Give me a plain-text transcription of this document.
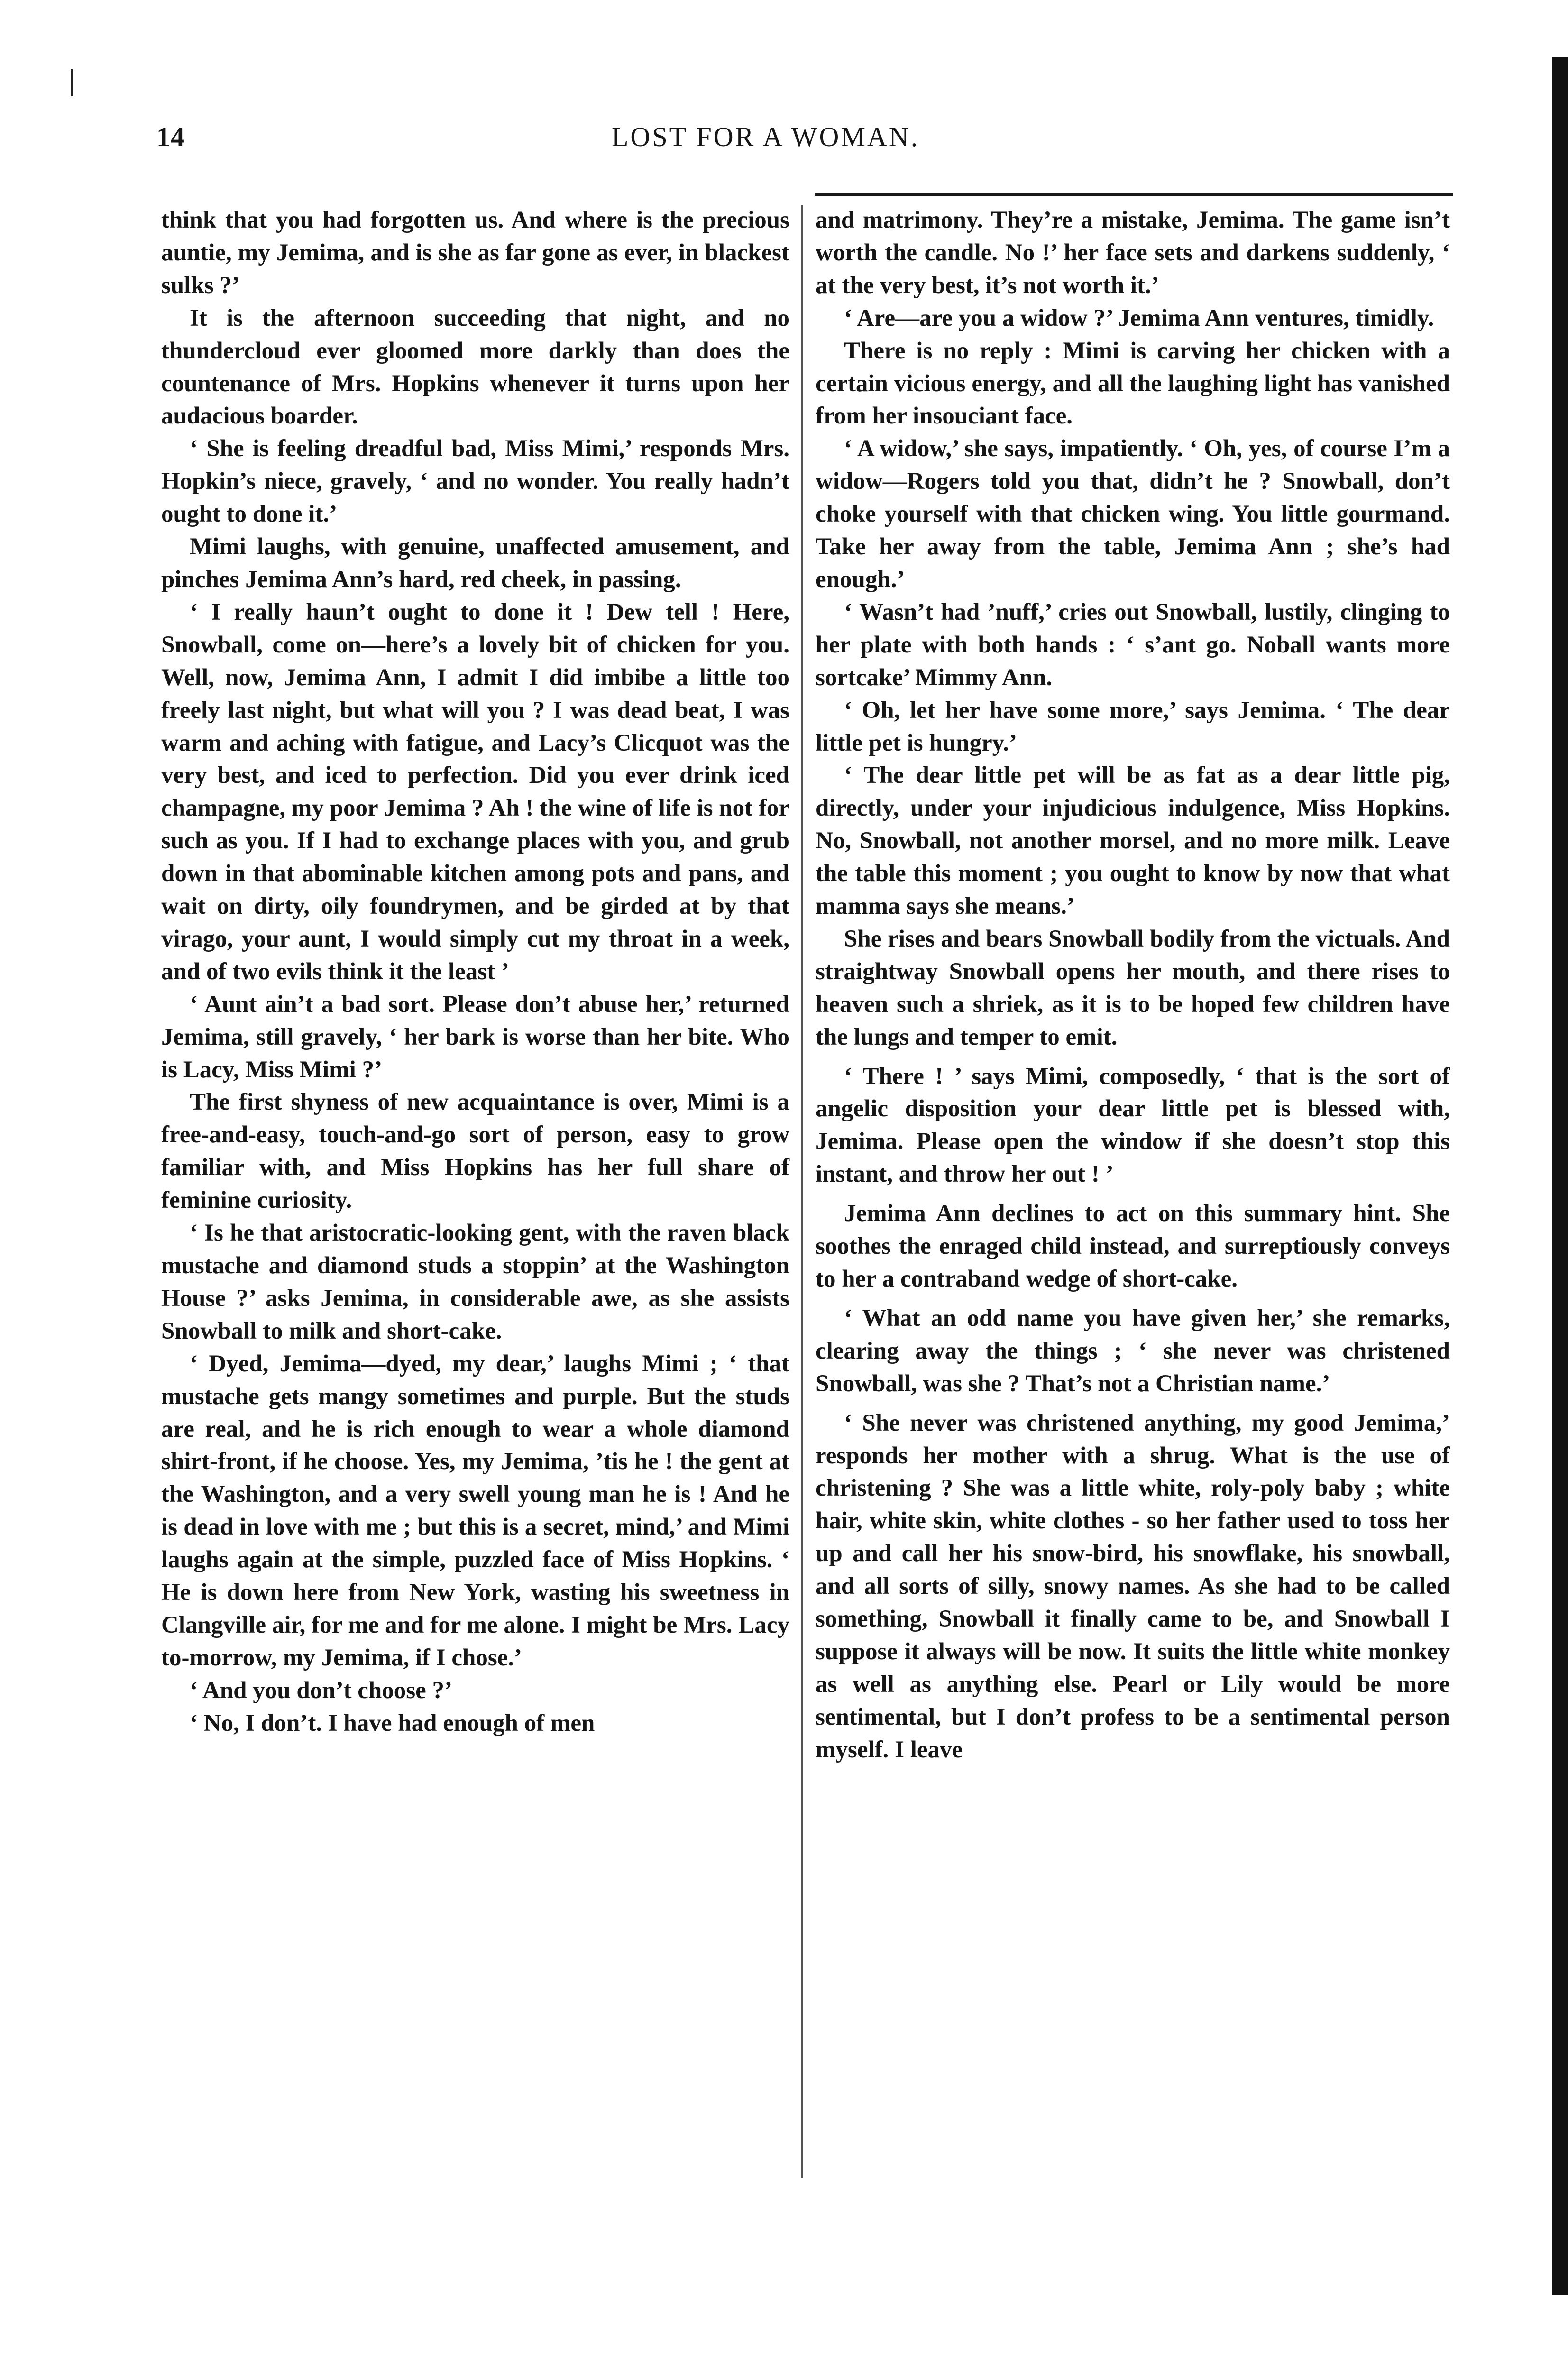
14	LOST FOR A WOMAN.

think that you had forgotten us. And where is the precious auntie, my Jemima, and is she as far gone as ever, in blackest sulks ?’

It is the afternoon succeeding that night, and no thundercloud ever gloomed more darkly than does the countenance of Mrs. Hopkins whenever it turns upon her audacious boarder.

‘ She is feeling dreadful bad, Miss Mimi,’ responds Mrs. Hopkin’s niece, gravely, ‘ and no wonder. You really hadn’t ought to done it.’

Mimi laughs, with genuine, unaffected amusement, and pinches Jemima Ann’s hard, red cheek, in passing.

‘ I really haun’t ought to done it ! Dew tell ! Here, Snowball, come on—here’s a lovely bit of chicken for you. Well, now, Jemima Ann, I admit I did imbibe a little too freely last night, but what will you ? I was dead beat, I was warm and aching with fatigue, and Lacy’s Clicquot was the very best, and iced to perfection. Did you ever drink iced champagne, my poor Jemima ? Ah ! the wine of life is not for such as you. If I had to exchange places with you, and grub down in that abominable kitchen among pots and pans, and wait on dirty, oily foundrymen, and be girded at by that virago, your aunt, I would simply cut my throat in a week, and of two evils think it the least ’

‘ Aunt ain’t a bad sort. Please don’t abuse her,’ returned Jemima, still gravely, ‘ her bark is worse than her bite. Who is Lacy, Miss Mimi ?’

The first shyness of new acquaintance is over, Mimi is a free-and-easy, touch-and-go sort of person, easy to grow familiar with, and Miss Hopkins has her full share of feminine curiosity.

‘ Is he that aristocratic-looking gent, with the raven black mustache and diamond studs a stoppin’ at the Washington House ?’ asks Jemima, in considerable awe, as she assists Snowball to milk and short-cake.

‘ Dyed, Jemima—dyed, my dear,’ laughs Mimi ; ‘ that mustache gets mangy sometimes and purple. But the studs are real, and he is rich enough to wear a whole diamond shirt-front, if he choose. Yes, my Jemima, ’tis he ! the gent at the Washington, and a very swell young man he is ! And he is dead in love with me ; but this is a secret, mind,’ and Mimi laughs again at the simple, puzzled face of Miss Hopkins. ‘ He is down here from New York, wasting his sweetness in Clangville air, for me and for me alone. I might be Mrs. Lacy to-morrow, my Jemima, if I chose.’

‘ And you don’t choose ?’

‘ No, I don’t. I have had enough of men

and matrimony. They’re a mistake, Jemima. The game isn’t worth the candle. No !’ her face sets and darkens suddenly, ‘ at the very best, it’s not worth it.’

‘ Are—are you a widow ?’ Jemima Ann ventures, timidly.

There is no reply : Mimi is carving her chicken with a certain vicious energy, and all the laughing light has vanished from her insouciant face.

‘ A widow,’ she says, impatiently. ‘ Oh, yes, of course I’m a widow—Rogers told you that, didn’t he ? Snowball, don’t choke yourself with that chicken wing. You little gourmand. Take her away from the table, Jemima Ann ; she’s had enough.’

‘ Wasn’t had ’nuff,’ cries out Snowball, lustily, clinging to her plate with both hands : ‘ s’ant go. Noball wants more sortcake’ Mimmy Ann.

‘ Oh, let her have some more,’ says Jemima. ‘ The dear little pet is hungry.’

‘ The dear little pet will be as fat as a dear little pig, directly, under your injudicious indulgence, Miss Hopkins. No, Snowball, not another morsel, and no more milk. Leave the table this moment ; you ought to know by now that what mamma says she means.’

She rises and bears Snowball bodily from the victuals. And straightway Snowball opens her mouth, and there rises to heaven such a shriek, as it is to be hoped few children have the lungs and temper to emit.

‘ There ! ’ says Mimi, composedly, ‘ that is the sort of angelic disposition your dear little pet is blessed with, Jemima. Please open the window if she doesn’t stop this instant, and throw her out ! ’

Jemima Ann declines to act on this summary hint. She soothes the enraged child instead, and surreptiously conveys to her a contraband wedge of short-cake.

‘ What an odd name you have given her,’ she remarks, clearing away the things ; ‘ she never was christened Snowball, was she ? That’s not a Christian name.’

‘ She never was christened anything, my good Jemima,’ responds her mother with a shrug. What is the use of christening ? She was a little white, roly-poly baby ; white hair, white skin, white clothes - so her father used to toss her up and call her his snow-bird, his snowflake, his snowball, and all sorts of silly, snowy names. As she had to be called something, Snowball it finally came to be, and Snowball I suppose it always will be now. It suits the little white monkey as well as anything else. Pearl or Lily would be more sentimental, but I don’t profess to be a sentimental person myself. I leave
